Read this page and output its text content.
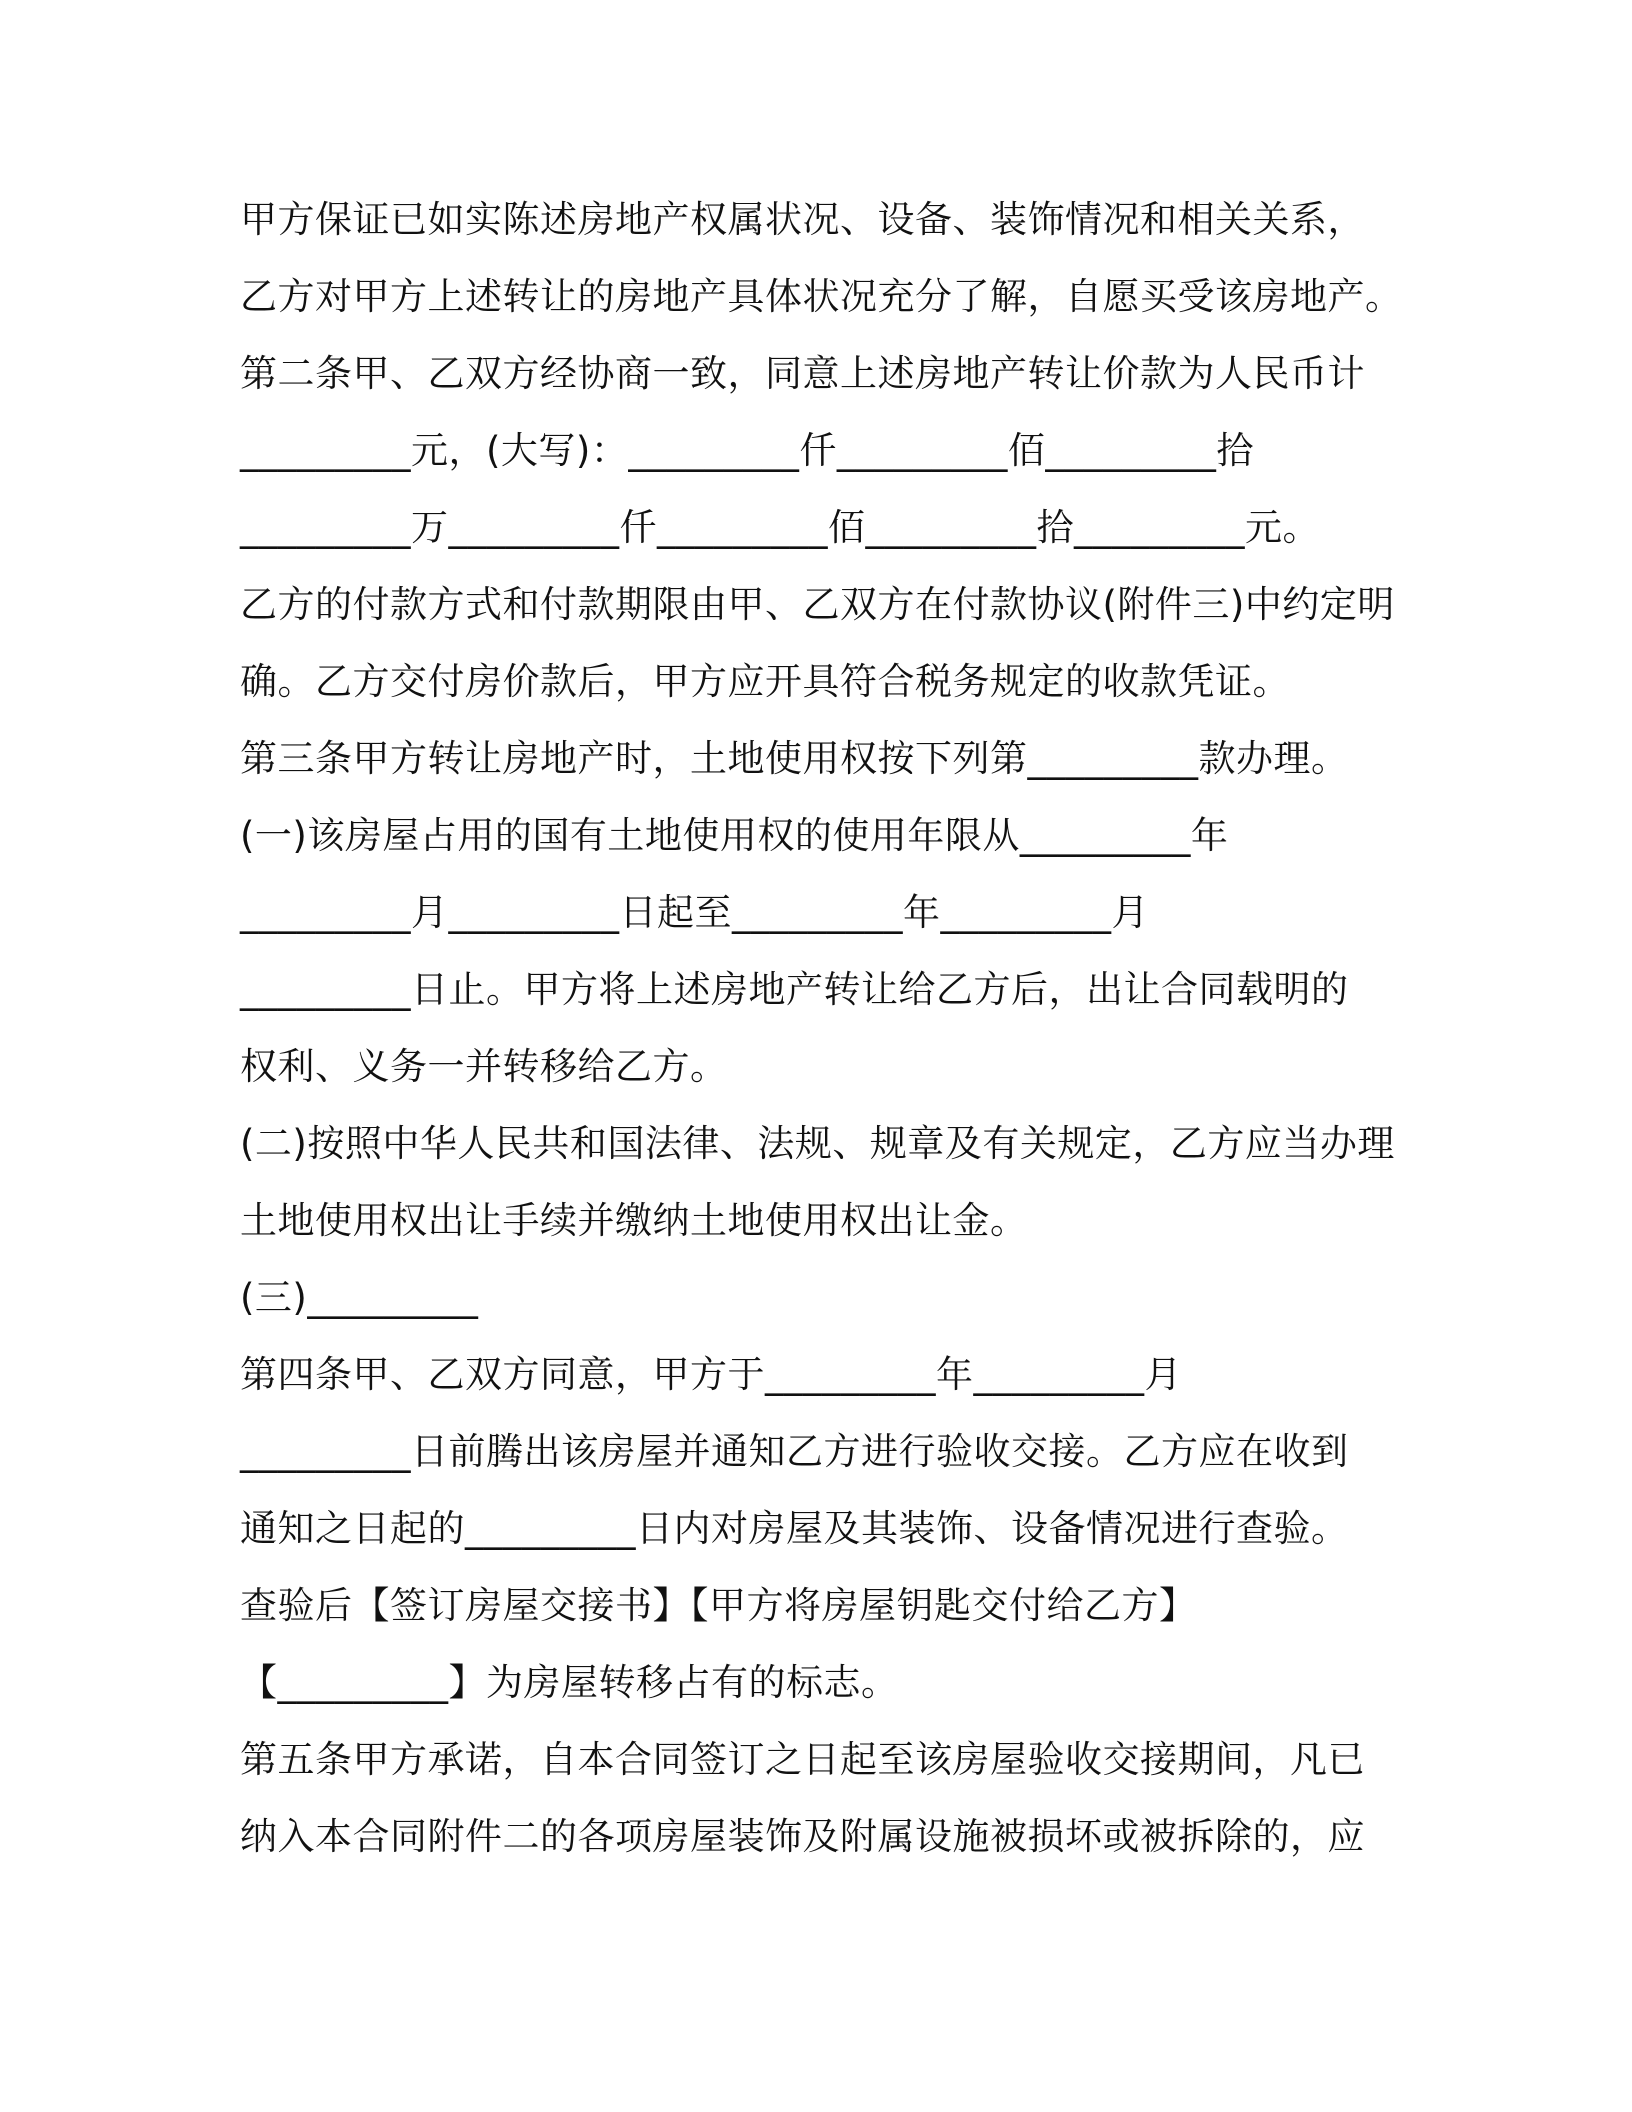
甲方保证已如实陈述房地产权属状况、设备、装饰情况和相关关系，
乙方对甲方上述转让的房地产具体状况充分了解，自愿买受该房地产。
第二条甲、乙双方经协商一致，同意上述房地产转让价款为人民币计
_________元，(大写)：_________仟_________佰_________拾
_________万_________仟_________佰_________拾_________元。
乙方的付款方式和付款期限由甲、乙双方在付款协议(附件三)中约定明
确。乙方交付房价款后，甲方应开具符合税务规定的收款凭证。
第三条甲方转让房地产时，土地使用权按下列第_________款办理。
(一)该房屋占用的国有土地使用权的使用年限从_________年
_________月_________日起至_________年_________月
_________日止。甲方将上述房地产转让给乙方后，出让合同载明的
权利、义务一并转移给乙方。
(二)按照中华人民共和国法律、法规、规章及有关规定，乙方应当办理
土地使用权出让手续并缴纳土地使用权出让金。
(三)_________
第四条甲、乙双方同意，甲方于_________年_________月
_________日前腾出该房屋并通知乙方进行验收交接。乙方应在收到
通知之日起的_________日内对房屋及其装饰、设备情况进行查验。
查验后【签订房屋交接书】【甲方将房屋钥匙交付给乙方】
【_________】为房屋转移占有的标志。
第五条甲方承诺，自本合同签订之日起至该房屋验收交接期间，凡已
纳入本合同附件二的各项房屋装饰及附属设施被损坏或被拆除的，应
